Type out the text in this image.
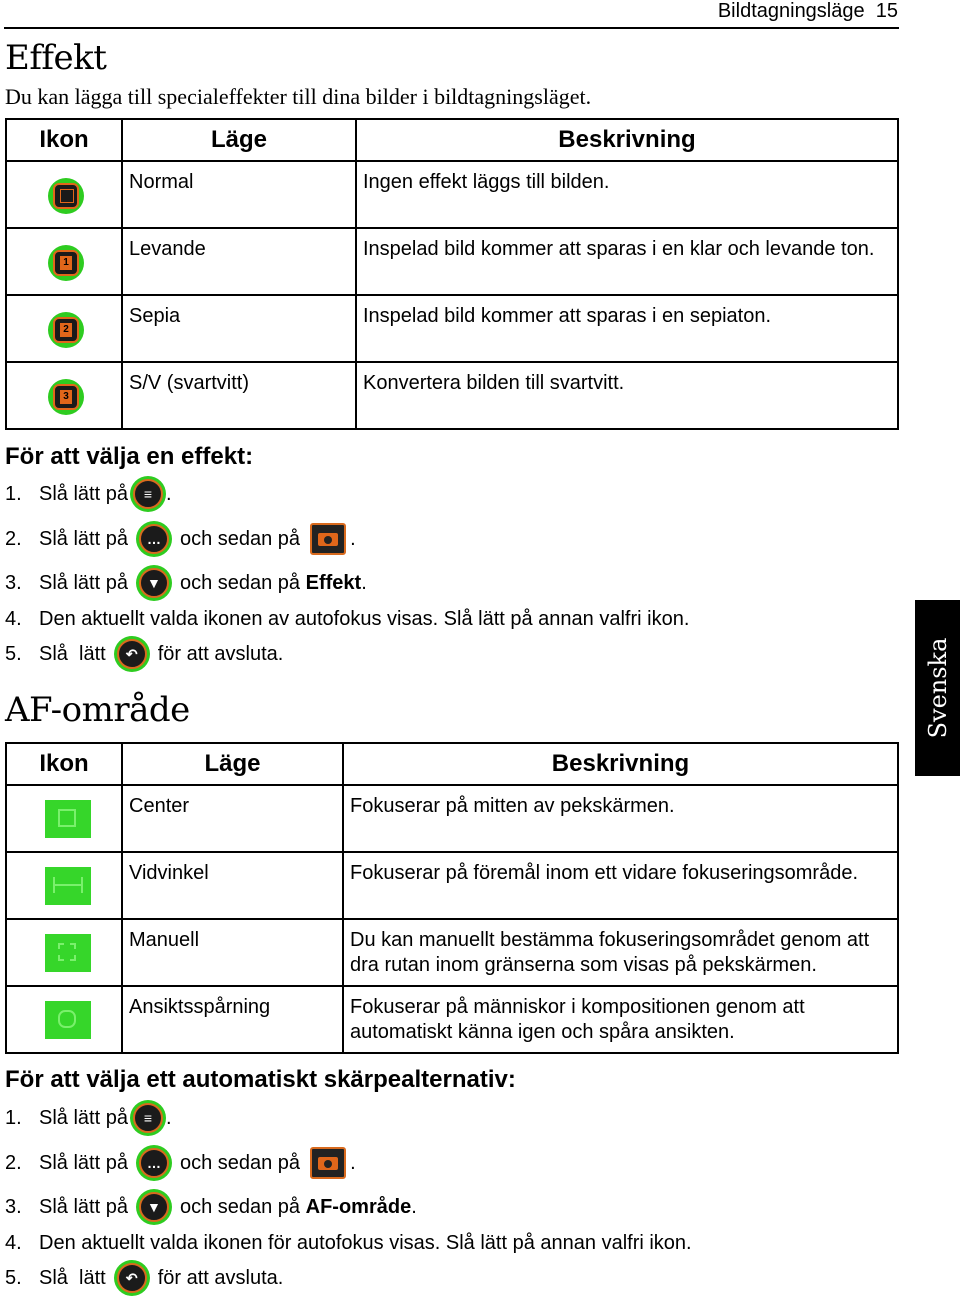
Bildtagningsläge 15
Effekt
Du kan lägga till specialeffekter till dina bilder i bildtagningsläget.
Ikon	Läge	Beskrivning

	Normal	Ingen effekt läggs till bilden.

1	Levande	Inspelad bild kommer att sparas i en klar och levande ton.

2	Sepia	Inspelad bild kommer att sparas i en sepiaton.

3	S/V (svartvitt)	Konvertera bilden till svartvitt.
För att välja en effekt:
1. Slå lätt på	≡ .
2. Slå lätt på	… och sedan på	.
3. Slå lätt på	▼ och sedan på
Effekt .
4. Den aktuellt valda ikonen av autofokus visas. Slå lätt på annan valfri ikon.
5. Slå
lätt	↶	för att avsluta.
AF-område
Ikon	Läge	Beskrivning

	Center	Fokuserar på mitten av pekskärmen.

	Vidvinkel	Fokuserar på föremål inom ett vidare fokuseringsområde.

	Manuell	Du kan manuellt bestämma fokuseringsområdet genom att dra rutan inom gränserna som visas på pekskärmen.

	Ansiktsspårning	Fokuserar på människor i kompositionen genom att automatiskt känna igen och spåra ansikten.
För att välja ett automatiskt skärpealternativ:
1. Slå lätt på	≡ .
2. Slå lätt på	… och sedan på	.
3. Slå lätt på	▼ och sedan på
AF-område .
4. Den aktuellt valda ikonen för autofokus visas. Slå lätt på annan valfri ikon.
5. Slå
lätt	↶	för att avsluta.
Svenska
